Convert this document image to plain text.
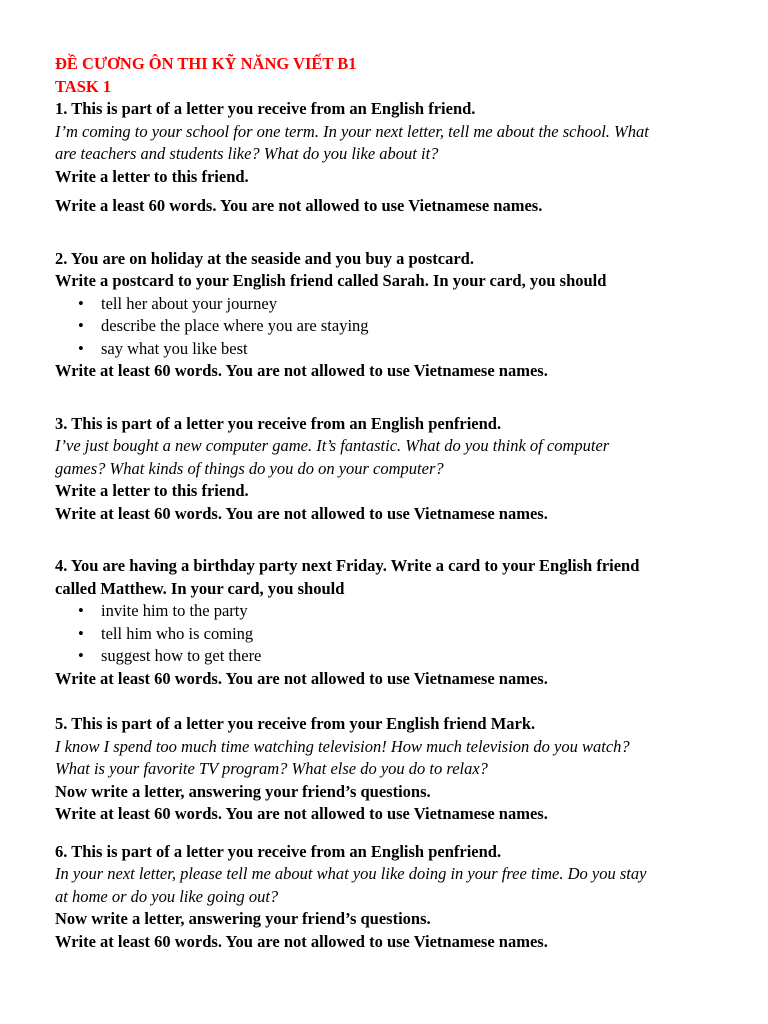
ĐỀ CƯƠNG ÔN THI KỸ NĂNG VIẾT B1
TASK 1
1. This is part of a letter you receive from an English friend.
I’m coming to your school for one term. In your next letter, tell me about the school. What
are teachers and students like? What do you like about it?
Write a letter to this friend.
Write a least 60 words. You are not allowed to use Vietnamese names.
2. You are on holiday at the seaside and you buy a postcard.
Write a postcard to your English friend called Sarah. In your card, you should
• tell her about your journey
• describe the place where you are staying
• say what you like best
Write at least 60 words. You are not allowed to use Vietnamese names.
3. This is part of a letter you receive from an English penfriend.
I’ve just bought a new computer game. It’s fantastic. What do you think of computer
games? What kinds of things do you do on your computer?
Write a letter to this friend.
Write at least 60 words. You are not allowed to use Vietnamese names.
4. You are having a birthday party next Friday. Write a card to your English friend
called Matthew. In your card, you should
• invite him to the party
• tell him who is coming
• suggest how to get there
Write at least 60 words. You are not allowed to use Vietnamese names.
5. This is part of a letter you receive from your English friend Mark.
I know I spend too much time watching television! How much television do you watch?
What is your favorite TV program? What else do you do to relax?
Now write a letter, answering your friend’s questions.
Write at least 60 words. You are not allowed to use Vietnamese names.
6. This is part of a letter you receive from an English penfriend.
In your next letter, please tell me about what you like doing in your free time. Do you stay
at home or do you like going out?
Now write a letter, answering your friend’s questions.
Write at least 60 words. You are not allowed to use Vietnamese names.
